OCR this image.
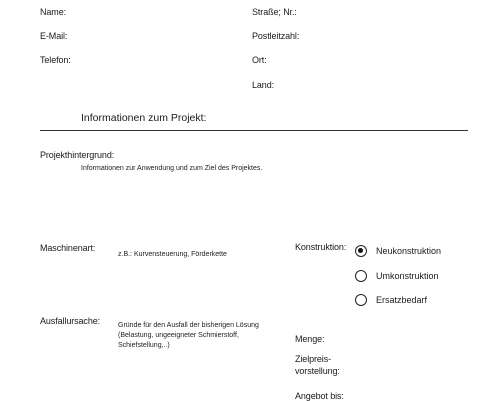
Name:
E-Mail:
Telefon:
Straße; Nr.:
Postleitzahl:
Ort:
Land:
Informationen zum Projekt:
Projekthintergrund:
Informationen zur Anwendung und zum Ziel des Projektes.
Maschinenart:
z.B.: Kurvensteuerung, Förderkette
Konstruktion:	Neukonstruktion
Umkonstruktion
Ersatzbedarf
Ausfallursache:	Gründe für den Ausfall der bisherigen Lösung (Belastung, ungeeigneter Schmierstoff, Schiefstellung,..)
Menge:
Zielpreis-
vorstellung:
Angebot bis:
